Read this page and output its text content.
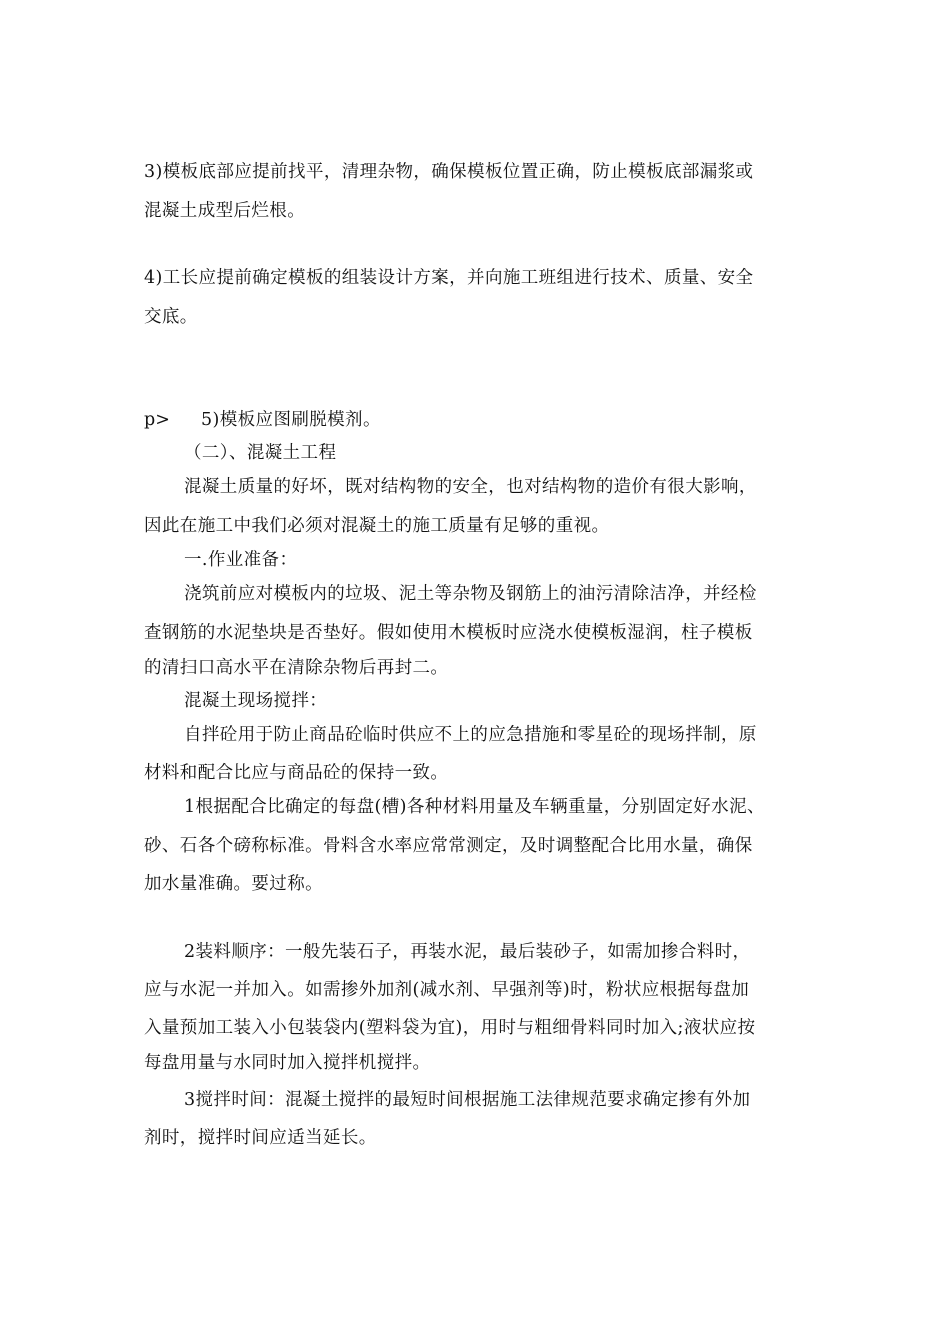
3)模板底部应提前找平，清理杂物，确保模板位置正确，防止模板底部漏浆或
混凝土成型后烂根。
4)工长应提前确定模板的组装设计方案，并向施工班组进行技术、质量、安全
交底。
p> 5)模板应图刷脱模剂。
（二）、混凝土工程
混凝土质量的好坏，既对结构物的安全，也对结构物的造价有很大影响，
因此在施工中我们必须对混凝土的施工质量有足够的重视。
一.作业准备：
浇筑前应对模板内的垃圾、泥土等杂物及钢筋上的油污清除洁净，并经检
查钢筋的水泥垫块是否垫好。假如使用木模板时应浇水使模板湿润，柱子模板
的清扫口高水平在清除杂物后再封二。
混凝土现场搅拌：
自拌砼用于防止商品砼临时供应不上的应急措施和零星砼的现场拌制，原
材料和配合比应与商品砼的保持一致。
1根据配合比确定的每盘(槽)各种材料用量及车辆重量，分别固定好水泥、
砂、石各个磅称标准。骨料含水率应常常测定，及时调整配合比用水量，确保
加水量准确。要过称。
2装料顺序：一般先装石子，再装水泥，最后装砂子，如需加掺合料时，
应与水泥一并加入。如需掺外加剂(减水剂、早强剂等)时，粉状应根据每盘加
入量预加工装入小包装袋内(塑料袋为宜)，用时与粗细骨料同时加入;液状应按
每盘用量与水同时加入搅拌机搅拌。
3搅拌时间：混凝土搅拌的最短时间根据施工法律规范要求确定掺有外加
剂时，搅拌时间应适当延长。
